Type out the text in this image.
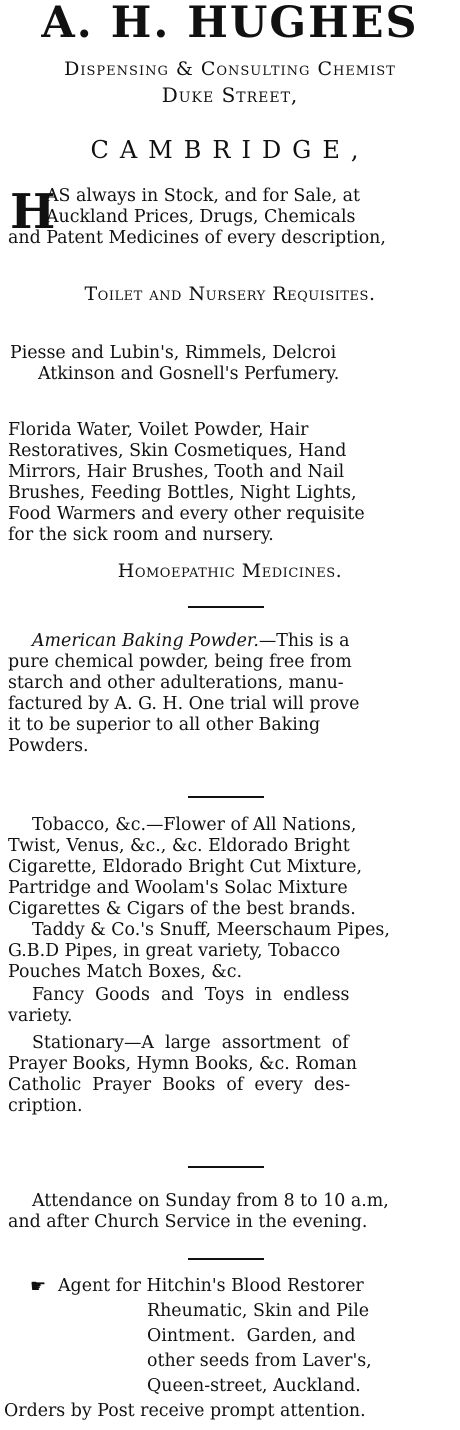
A. H. HUGHES
Dispensing & Consulting Chemist
Duke Street,
CAMBRIDGE,
H
AS always in Stock, and for Sale, at
Auckland Prices, Drugs, Chemicals
and Patent Medicines of every description,
Toilet and Nursery Requisites.
Piesse and Lubin's, Rimmels, Delcroi
Atkinson and Gosnell's Perfumery.
Florida Water, Voilet Powder, Hair
Restoratives, Skin Cosmetiques, Hand
Mirrors, Hair Brushes, Tooth and Nail
Brushes, Feeding Bottles, Night Lights,
Food Warmers and every other requisite
for the sick room and nursery.
Homoepathic Medicines.
American Baking Powder.—This is a
pure chemical powder, being free from
starch and other adulterations, manu-
factured by A. G. H. One trial will prove
it to be superior to all other Baking
Powders.
Tobacco, &c.—Flower of All Nations,
Twist, Venus, &c., &c. Eldorado Bright
Cigarette, Eldorado Bright Cut Mixture,
Partridge and Woolam's Solac Mixture
Cigarettes & Cigars of the best brands.
Taddy & Co.'s Snuff, Meerschaum Pipes,
G.B.D Pipes, in great variety, Tobacco
Pouches Match Boxes, &c.
Fancy  Goods  and  Toys  in  endless
variety.
Stationary—A  large  assortment  of
Prayer Books, Hymn Books, &c. Roman
Catholic  Prayer  Books  of  every  des-
cription.
Attendance on Sunday from 8 to 10 a.m,
and after Church Service in the evening.
☛ Agent for Hitchin's Blood Restorer
Rheumatic, Skin and Pile
Ointment.  Garden, and
other seeds from Laver's,
Queen-street, Auckland.
Orders by Post receive prompt attention.
